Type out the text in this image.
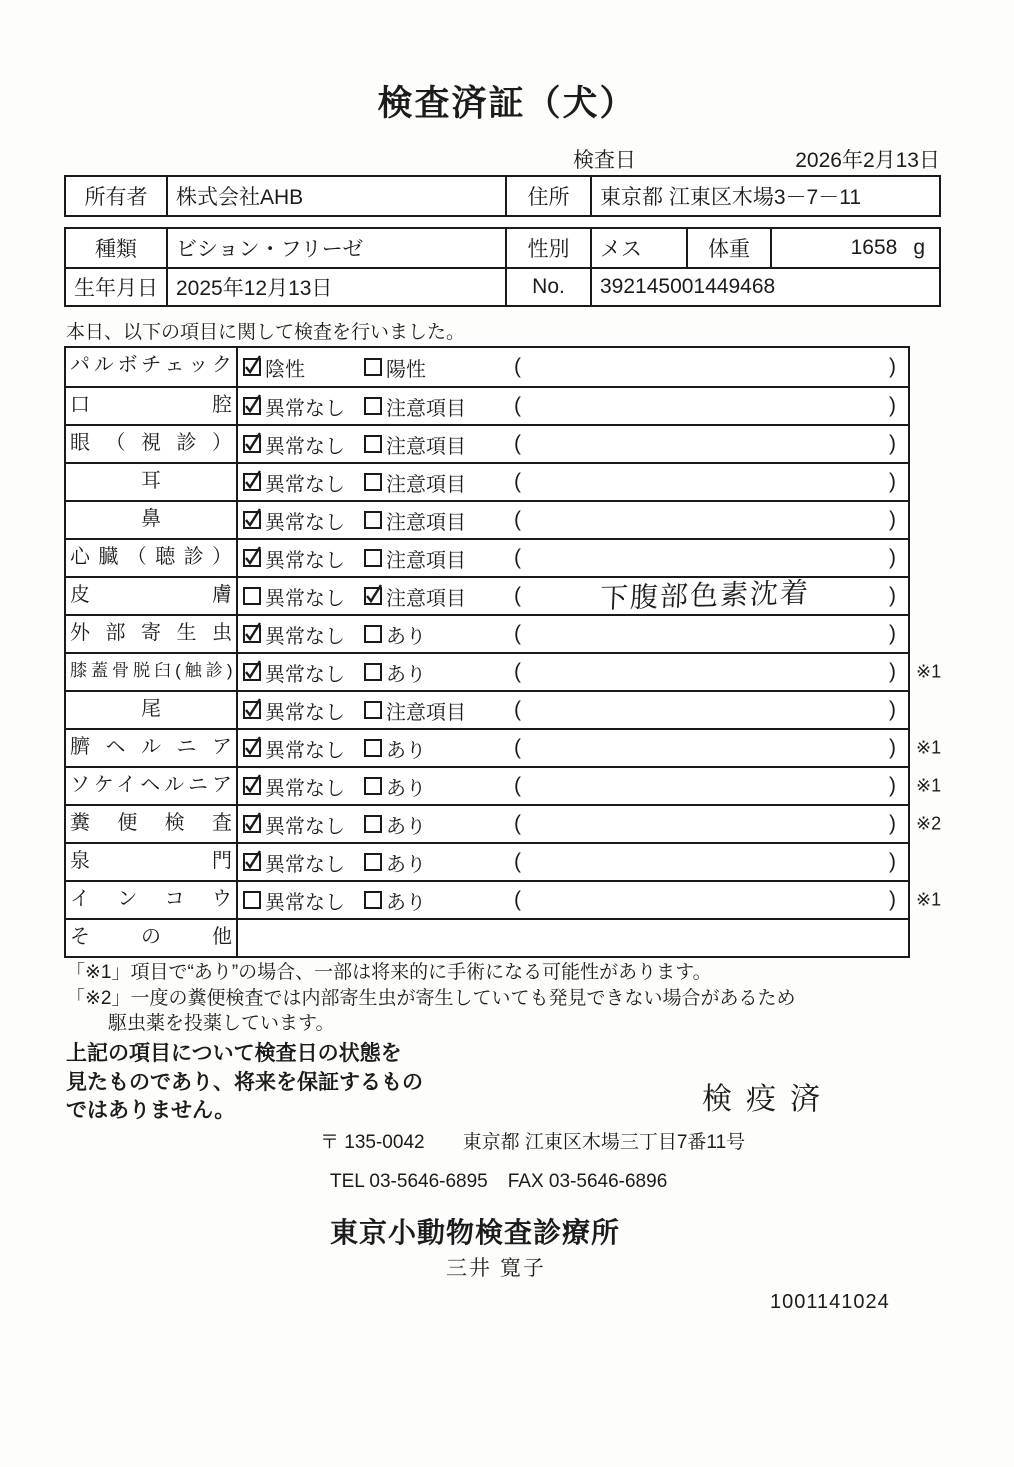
検査済証（犬）
検査日	2026年2月13日
所有者	株式会社AHB	住所	東京都 江東区木場3－7－11
種類	ビション・フリーゼ	性別	メス	体重	1658 g
生年月日 2025年12月13日	No.	392145001449468
本日、以下の項目に関して検査を行いました。
パルボチェック	陰性	陽性	(	)
口腔	異常なし 注意項目 (	)
眼（視診）	異常なし 注意項目 (	)
耳	異常なし 注意項目 (	)
鼻	異常なし 注意項目 (	)
心臓（聴診）	異常なし 注意項目 (	)
皮膚	異常なし 注意項目 (	下腹部色素沈着	)
外部寄生虫	異常なし あり	(	)
膝蓋骨脱臼(触診)	異常なし あり	(	) ※1
尾	異常なし 注意項目 (	)
臍ヘルニア	異常なし あり	(	) ※1
ソケイヘルニア	異常なし あり	(	) ※1
糞便検査	異常なし あり	(	) ※2
泉門	異常なし あり	(	)
インコウ	異常なし あり	(	) ※1
その他
「※1」項目で“あり”の場合、一部は将来的に手術になる可能性があります。
「※2」一度の糞便検査では内部寄生虫が寄生していても発見できない場合があるため
駆虫薬を投薬しています。
上記の項目について検査日の状態を
見たものであり、将来を保証するもの
ではありません。	検疫済
〒 135-0042 東京都 江東区木場三丁目7番11号
TEL 03-5646-6895 FAX 03-5646-6896
東京小動物検査診療所
三井 寛子
1001141024
